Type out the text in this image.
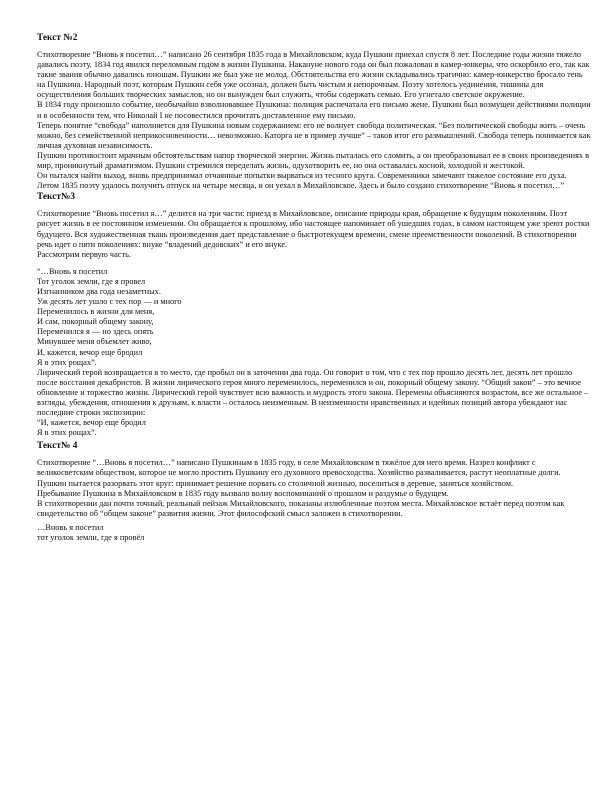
Текст №2

Стихотворение “Вновь я посетил…” написано 26 сентября 1835 года в Михайловском, куда Пушкин приехал спустя 8 лет. Последние годы жизни тяжело давались поэту. 1834 год явился переломным годом в жизни Пушкина. Накануне нового года он был пожалован в камер-юнкеры, что оскорбило его, так как такие звания обычно давались юношам. Пушкин же был уже не молод. Обстоятельства его жизни складывались трагично: камер-юнкерство бросало тень на Пушкина. Народный поэт, которым Пушкин себя уже осознал, должен быть чистым и непорочным. Поэту хотелось уединения, тишины для осуществления больших творческих замыслов, но он вынужден был служить, чтобы содержать семью. Его угнетало светское окружение.

В 1834 году произошло событие, необычайно взволновавшее Пушкина: полиция распечатала его письмо жене. Пушкин был возмущен действиями полиции и в особенности тем, что Николай I не посовестился прочитать доставленное ему письмо.

Теперь понятие “свобода” наполняется для Пушкина новым содержанием: его не волнует свобода политическая. “Без политической свободы жить – очень можно, без семейственной неприкосновенности… невозможно. Каторга не в пример лучше” – таков итог его размышлений. Свобода теперь понимается как личная духовная независимость.

Пушкин противостоит мрачным обстоятельствам напор творческой энергии. Жизнь пыталась его сломить, а он преобразовывал ее в своих произведениях в мир, проникнутый драматизмом. Пушкин стремился переделать жизнь, одухотворить ее, но она оставалась косной, холодной и жестокой.

Он пытался найти выход, вновь предпринимал отчаянные попытки вырваться из тесного круга. Современники замечают тяжелое состояние его духа.

Летом 1835 поэту удалось получить отпуск на четыре месяца, и он уехал в Михайловское. Здесь и было создано стихотворение “Вновь я посетил…”

Текст№3

Стихотворение “Вновь посетил я…” делится на три части: приезд в Михайловское, описание природы края, обращение к будущим поколениям. Поэт рисует жизнь в ее постоянном изменении. Он обращается к прошлому, ибо настоящее напоминает об ушедших годах, в самом настоящем уже зреют ростки будущего. Вся художественная ткань произведения дает представление о быстротекущем времени, смене преемственности поколений. В стихотворении речь идет о пяти поколениях: внуке “владений дедовских” и его внуке.

Рассмотрим первую часть.

“…Вновь я посетил
Тот уголок земли, где я провел
Изгнанником два года незаметных.
Уж десять лет ушло с тех пор — и много
Переменилось в жизни для меня,
И сам, покорный общему закону,
Переменился я — но здесь опять
Минувшее меня объемлет живо,
И, кажется, вечор еще бродил
Я в этих рощах”.

Лирический герой возвращается в то место, где пробыл он в заточении два года. Он говорит о том, что с тех пор прошло десять лет, десять лет прошло после восстания декабристов. В жизни лирического героя много переменилось, переменился и он, покорный общему закону. “Общий закон” – это вечное обновление и торжество жизни. Лирический герой чувствует всю важность и мудрость этого закона. Перемены объясняются возрастом, все же остальное – взгляды, убеждения, отношения к друзьям, к власти – осталось неизменным. В неизменности нравственных и идейных позиций автора убеждают нас последние строки экспозиции:

“И, кажется, вечор еще бродил
Я в этих рощах”.
Текст№ 4

Стихотворение “…Вновь я посетил…” написано Пушкиным в 1835 году, в селе Михайловском в тяжёлое для него время. Назрел конфликт с великосветским обществом, которое не могло простить Пушкину его духовного превосходства. Хозяйство разваливается, растут неоплатные долги. Пушкин пытается разорвать этот круг: принимает решение порвать со столичной жизнью, поселиться в деревне, заняться хозяйством.

Пребывание Пушкина в Михайловском в 1835 году вызвало волну воспоминаний о прошлом и раздумье о будущем.

В стихотворении дан почти точный, реальный пейзаж Михайловского, показаны излюбленные поэтом места. Михайловское встаёт перед поэтом как свидетельство об “общем законе” развития жизни. Этот философский смысл заложен в стихотворении.

…Вновь я посетил
тот уголок земли, где я провёл
